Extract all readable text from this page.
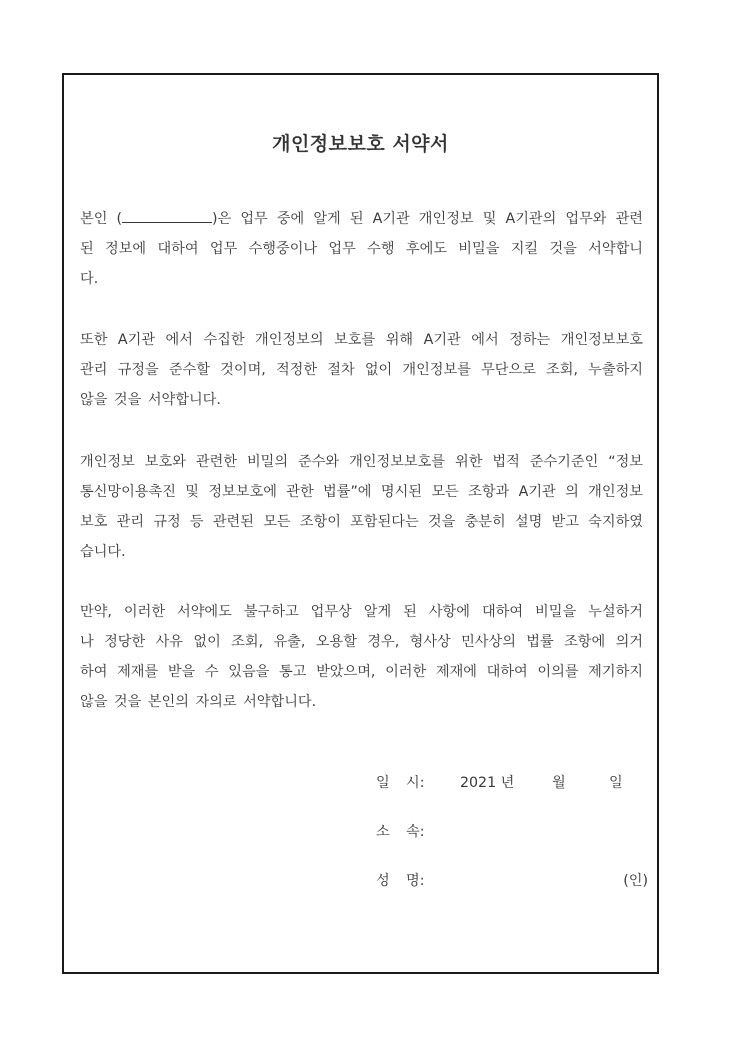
개인정보보호 서약서
본인 (	)은 업무 중에 알게 된 A기관 개인정보 및 A기관의 업무와 관련
된 정보에 대하여 업무 수행중이나 업무 수행 후에도 비밀을 지킬 것을 서약합니
다.
또한 A기관 에서 수집한 개인정보의 보호를 위해 A기관 에서 정하는 개인정보보호
관리 규정을 준수할 것이며, 적정한 절차 없이 개인정보를 무단으로 조회, 누출하지
않을 것을 서약합니다.
개인정보 보호와 관련한 비밀의 준수와 개인정보보호를 위한 법적 준수기준인 “정보
통신망이용촉진 및 정보보호에 관한 법률”에 명시된 모든 조항과 A기관 의 개인정보
보호 관리 규정 등 관련된 모든 조항이 포함된다는 것을 충분히 설명 받고 숙지하였
습니다.
만약, 이러한 서약에도 불구하고 업무상 알게 된 사항에 대하여 비밀을 누설하거
나 정당한 사유 없이 조회, 유출, 오용할 경우, 형사상 민사상의 법률 조항에 의거
하여 제재를 받을 수 있음을 통고 받았으며, 이러한 제재에 대하여 이의를 제기하지
않을 것을 본인의 자의로 서약합니다.
일 시:	2021 년	월	일
소 속:
성 명:	(인)
